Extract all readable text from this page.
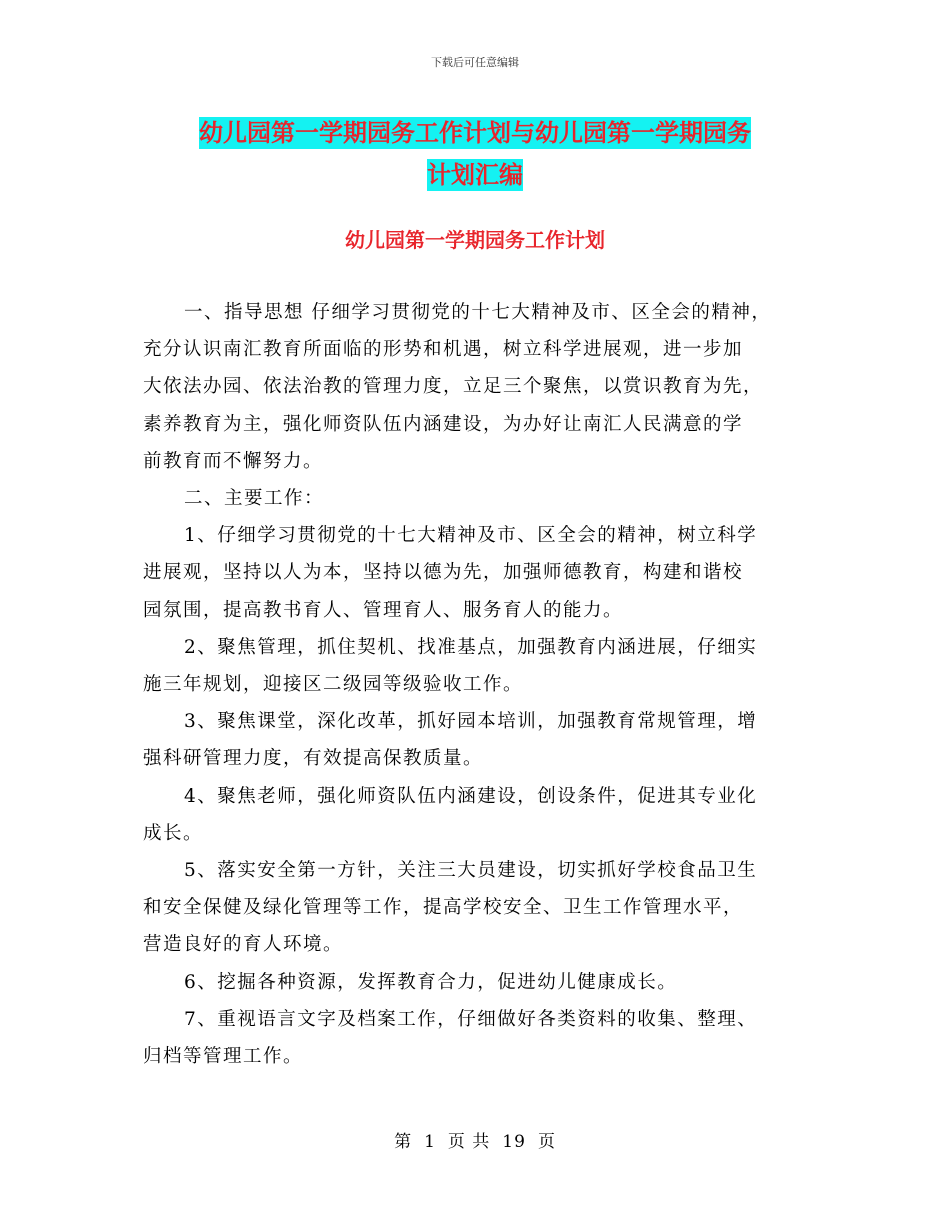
下载后可任意编辑
幼儿园第一学期园务工作计划与幼儿园第一学期园务
计划汇编
幼儿园第一学期园务工作计划

一、指导思想 仔细学习贯彻党的十七大精神及市、区全会的精神，
充分认识南汇教育所面临的形势和机遇，树立科学进展观，进一步加
大依法办园、依法治教的管理力度，立足三个聚焦，以赏识教育为先，
素养教育为主，强化师资队伍内涵建设，为办好让南汇人民满意的学
前教育而不懈努力。

二、主要工作：

1、仔细学习贯彻党的十七大精神及市、区全会的精神，树立科学
进展观，坚持以人为本，坚持以德为先，加强师德教育，构建和谐校
园氛围，提高教书育人、管理育人、服务育人的能力。

2、聚焦管理，抓住契机、找准基点，加强教育内涵进展，仔细实
施三年规划，迎接区二级园等级验收工作。

3、聚焦课堂，深化改革，抓好园本培训，加强教育常规管理，增
强科研管理力度，有效提高保教质量。

4、聚焦老师，强化师资队伍内涵建设，创设条件，促进其专业化
成长。

5、落实安全第一方针，关注三大员建设，切实抓好学校食品卫生
和安全保健及绿化管理等工作，提高学校安全、卫生工作管理水平，
营造良好的育人环境。

6、挖掘各种资源，发挥教育合力，促进幼儿健康成长。

7、重视语言文字及档案工作，仔细做好各类资料的收集、整理、
归档等管理工作。

第 1 页 共 19 页
